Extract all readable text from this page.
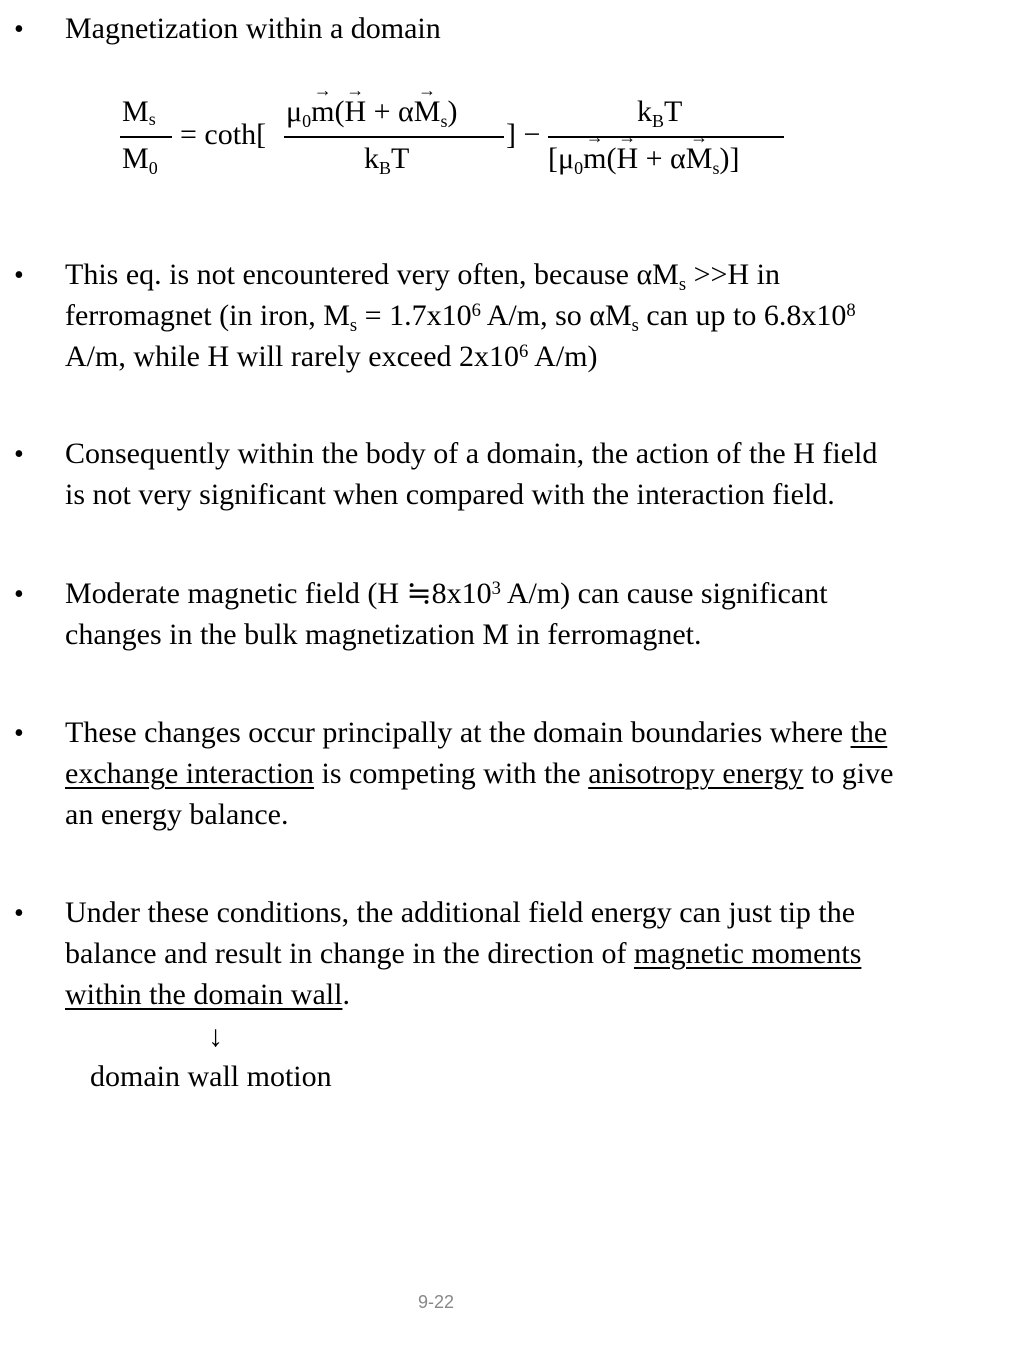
• Magnetization within a domain
Ms
$M_0$
= coth[
$\mu_0\to m(\to H + \alpha\to M_s)$
$k_BT$
] −
$k_BT$
$[\mu_0\to m(\to H + \alpha\to M_s)]$
• This eq. is not encountered very often, because $\alpha M_s >>H$ in
ferromagnet (in iron, $M_s = 1.7x10^6$ A/m, so $\alpha M_s$ can up to $6.8x10^8$
A/m, while H will rarely exceed $2x10^6$ A/m)
• Consequently within the body of a domain, the action of the H field
is not very significant when compared with the interaction field.
• Moderate magnetic field (H $≒8x10^3$ A/m) can cause significant
changes in the bulk magnetization M in ferromagnet.
• These changes occur principally at the domain boundaries where the
exchange interaction is competing with the anisotropy energy to give
an energy balance.
• Under these conditions, the additional field energy can just tip the
balance and result in change in the direction of magnetic moments
within the domain wall.
↓
domain wall motion
9-22
